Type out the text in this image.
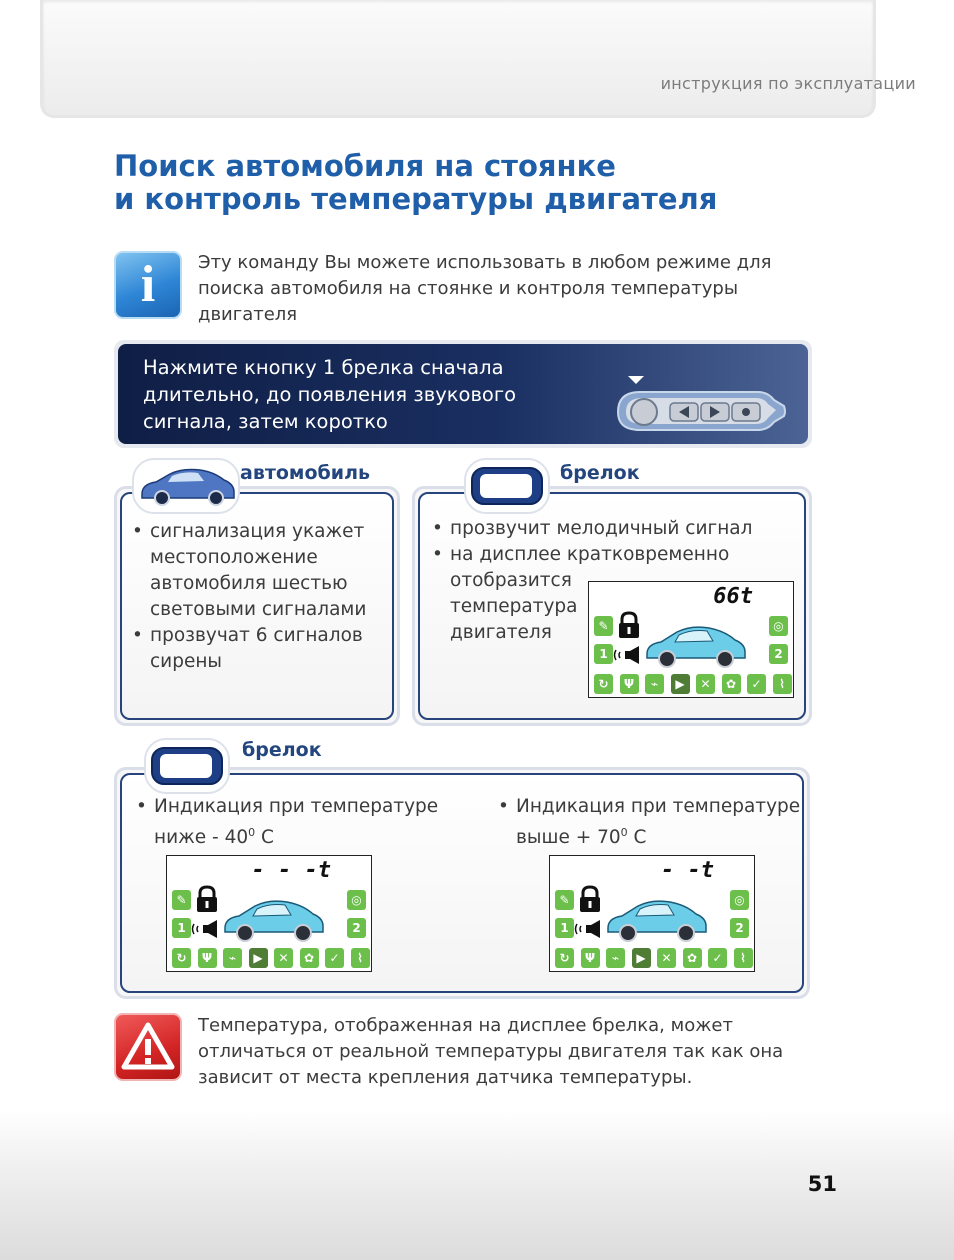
инструкция по эксплуатации
Поиск автомобиля на стоянке
и контроль температуры двигателя
i Эту команду Вы можете использовать в любом режиме для
поиска автомобиля на стоянке и контроля температуры
двигателя
Нажмите кнопку 1 брелка сначала
длительно, до появления звукового
сигнала, затем коротко
автомобиль
• сигнализация укажет
местоположение
автомобиля шестью
световыми сигналами
• прозвучат 6 сигналов
сирены
брелок
• прозвучит мелодичный сигнал
• на дисплее кратковременно
отобразится
температура
двигателя
66t
✎
1
◎
2
↻	Ψ	⌁	▶	✕	✿	✓	⌇
брелок
• Индикация при температуре
ниже - $40^0$ С
• Индикация при температуре
выше + $70^0$ С
- - -t
✎
1
◎
2
↻	Ψ	⌁	▶	✕	✿	✓	⌇
- -t
✎
1
◎
2
↻	Ψ	⌁	▶	✕	✿	✓	⌇
Температура, отображенная на дисплее брелка, может
отличаться от реальной температуры двигателя так как она
зависит от места крепления датчика температуры.
51
